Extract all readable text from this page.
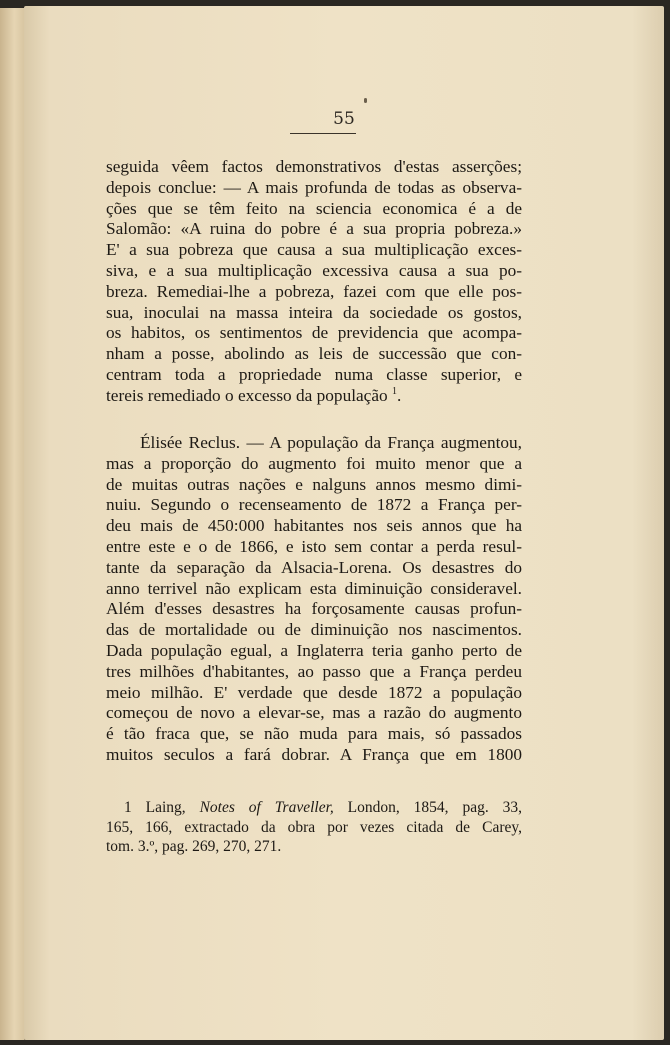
55
seguida vêem factos demonstrativos d'estas asserções;
depois conclue: — A mais profunda de todas as observa-
ções que se têm feito na sciencia economica é a de
Salomão: «A ruina do pobre é a sua propria pobreza.»
E' a sua pobreza que causa a sua multiplicação exces-
siva, e a sua multiplicação excessiva causa a sua po-
breza. Remediai-lhe a pobreza, fazei com que elle pos-
sua, inoculai na massa inteira da sociedade os gostos,
os habitos, os sentimentos de previdencia que acompa-
nham a posse, abolindo as leis de successão que con-
centram toda a propriedade numa classe superior, e
tereis remediado o excesso da população $^1$.
Élisée Reclus. — A população da França augmentou,
mas a proporção do augmento foi muito menor que a
de muitas outras nações e nalguns annos mesmo dimi-
nuiu. Segundo o recenseamento de 1872 a França per-
deu mais de 450:000 habitantes nos seis annos que ha
entre este e o de 1866, e isto sem contar a perda resul-
tante da separação da Alsacia-Lorena. Os desastres do
anno terrivel não explicam esta diminuição consideravel.
Além d'esses desastres ha forçosamente causas profun-
das de mortalidade ou de diminuição nos nascimentos.
Dada população egual, a Inglaterra teria ganho perto de
tres milhões d'habitantes, ao passo que a França perdeu
meio milhão. E' verdade que desde 1872 a população
começou de novo a elevar-se, mas a razão do augmento
é tão fraca que, se não muda para mais, só passados
muitos seculos a fará dobrar. A França que em 1800
1 Laing, Notes of Traveller, London, 1854, pag. 33,
165, 166, extractado da obra por vezes citada de Carey,
tom. 3.º, pag. 269, 270, 271.
